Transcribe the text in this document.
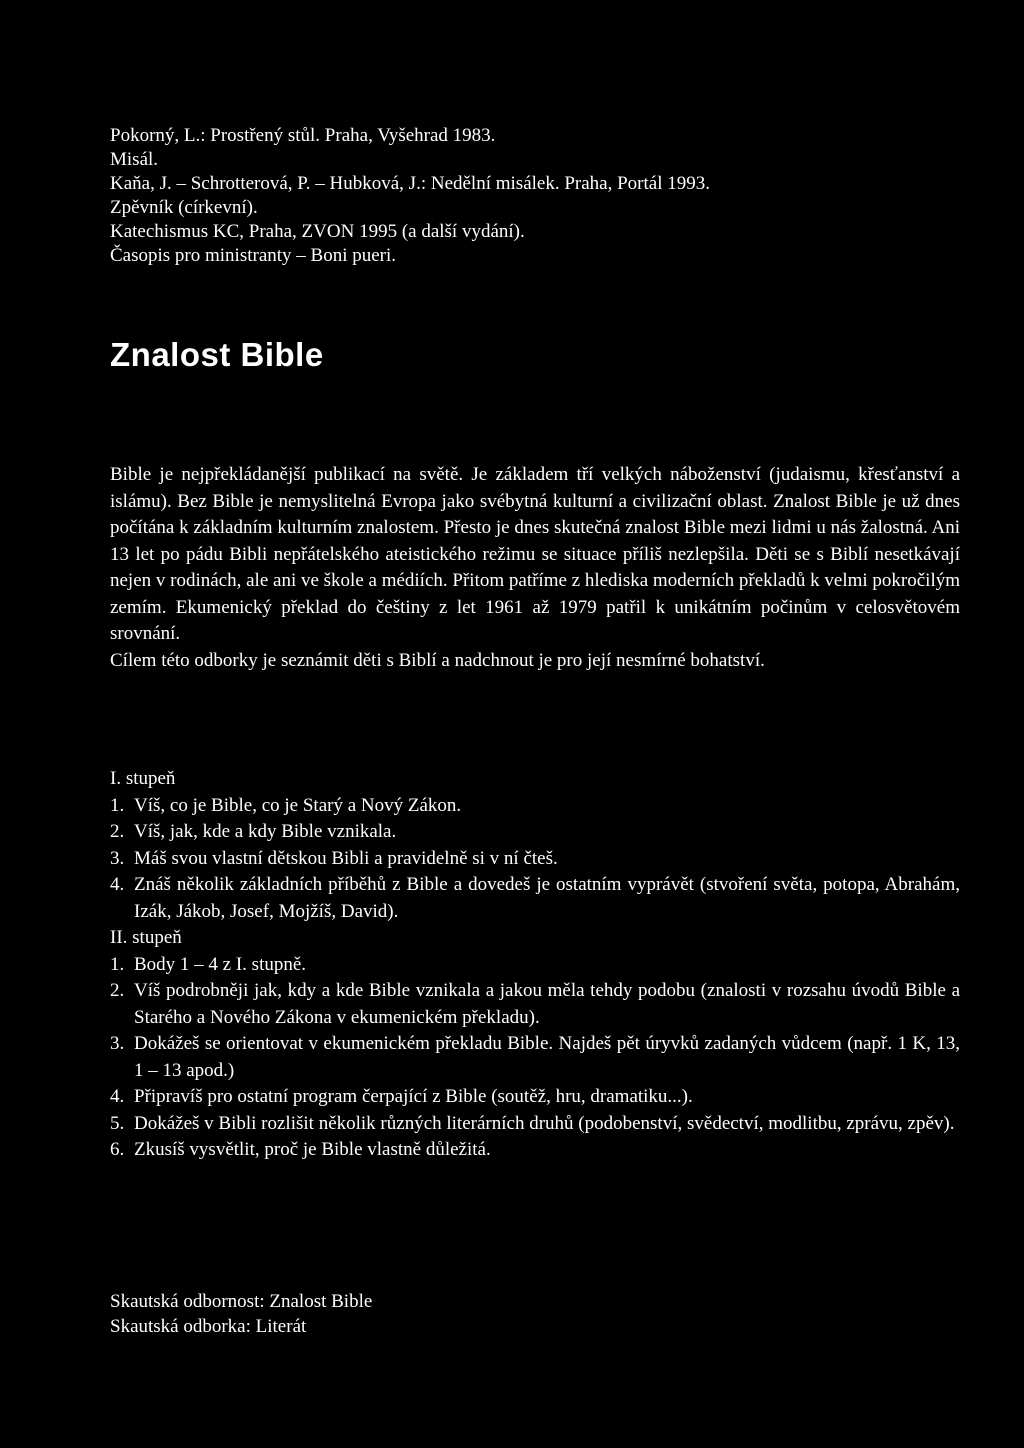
Pokorný, L.: Prostřený stůl. Praha, Vyšehrad 1983.
Misál.
Kaňa, J. – Schrotterová, P. – Hubková, J.: Nedělní misálek. Praha, Portál 1993.
Zpěvník (církevní).
Katechismus KC, Praha, ZVON 1995 (a další vydání).
Časopis pro ministranty – Boni pueri.
Znalost Bible

Bible je nejpřekládanější publikací na světě. Je základem tří velkých náboženství (judaismu, křesťanství a islámu). Bez Bible je nemyslitelná Evropa jako svébytná kulturní a civilizační oblast. Znalost Bible je už dnes počítána k základním kulturním znalostem. Přesto je dnes skutečná znalost Bible mezi lidmi u nás žalostná. Ani 13 let po pádu Bibli nepřátelského ateistického režimu se situace příliš nezlepšila. Děti se s Biblí nesetkávají nejen v rodinách, ale ani ve škole a médiích. Přitom patříme z hlediska moderních překladů k velmi pokročilým zemím. Ekumenický překlad do češtiny z let 1961 až 1979 patřil k unikátním počinům v celosvětovém srovnání.

Cílem této odborky je seznámit děti s Biblí a nadchnout je pro její nesmírné bohatství.

I. stupeň
1. Víš, co je Bible, co je Starý a Nový Zákon.
2. Víš, jak, kde a kdy Bible vznikala.
3. Máš svou vlastní dětskou Bibli a pravidelně si v ní čteš.
4. Znáš několik základních příběhů z Bible a dovedeš je ostatním vyprávět (stvoření světa, potopa, Abrahám, Izák, Jákob, Josef, Mojžíš, David).
II. stupeň
1. Body 1 – 4 z I. stupně.
2. Víš podrobněji jak, kdy a kde Bible vznikala a jakou měla tehdy podobu (znalosti v rozsahu úvodů Bible a Starého a Nového Zákona v ekumenickém překladu).
3. Dokážeš se orientovat v ekumenickém překladu Bible. Najdeš pět úryvků zadaných vůdcem (např. 1 K, 13, 1 – 13 apod.)
4. Připravíš pro ostatní program čerpající z Bible (soutěž, hru, dramatiku...).
5. Dokážeš v Bibli rozlišit několik různých literárních druhů (podobenství, svědectví, modlitbu, zprávu, zpěv).
6. Zkusíš vysvětlit, proč je Bible vlastně důležitá.
Skautská odbornost: Znalost Bible
Skautská odborka: Literát
